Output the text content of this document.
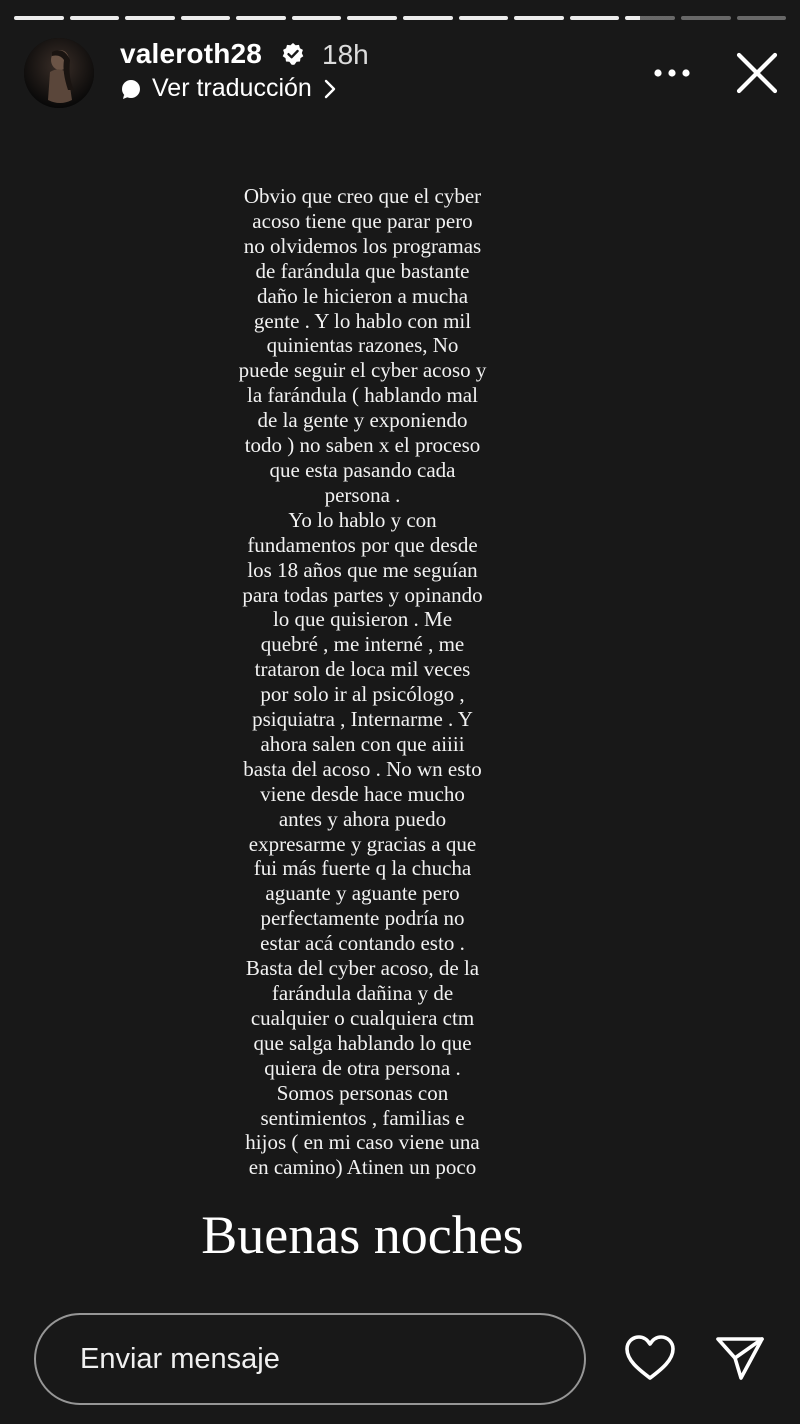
valeroth28 18h
Ver traducción
Obvio que creo que el cyber
acoso tiene que parar pero
no olvidemos los programas
de farándula que bastante
daño le hicieron a mucha
gente . Y lo hablo con mil
quinientas razones, No
puede seguir el cyber acoso y
la farándula ( hablando mal
de la gente y exponiendo
todo ) no saben x el proceso
que esta pasando cada
persona .
Yo lo hablo y con
fundamentos por que desde
los 18 años que me seguían
para todas partes y opinando
lo que quisieron . Me
quebré , me interné , me
trataron de loca mil veces
por solo ir al psicólogo ,
psiquiatra , Internarme . Y
ahora salen con que aiiii
basta del acoso . No wn esto
viene desde hace mucho
antes y ahora puedo
expresarme y gracias a que
fui más fuerte q la chucha
aguante y aguante pero
perfectamente podría no
estar acá contando esto .
Basta del cyber acoso, de la
farándula dañina y de
cualquier o cualquiera ctm
que salga hablando lo que
quiera de otra persona .
Somos personas con
sentimientos , familias e
hijos ( en mi caso viene una
en camino) Atinen un poco
Buenas noches
Enviar mensaje
